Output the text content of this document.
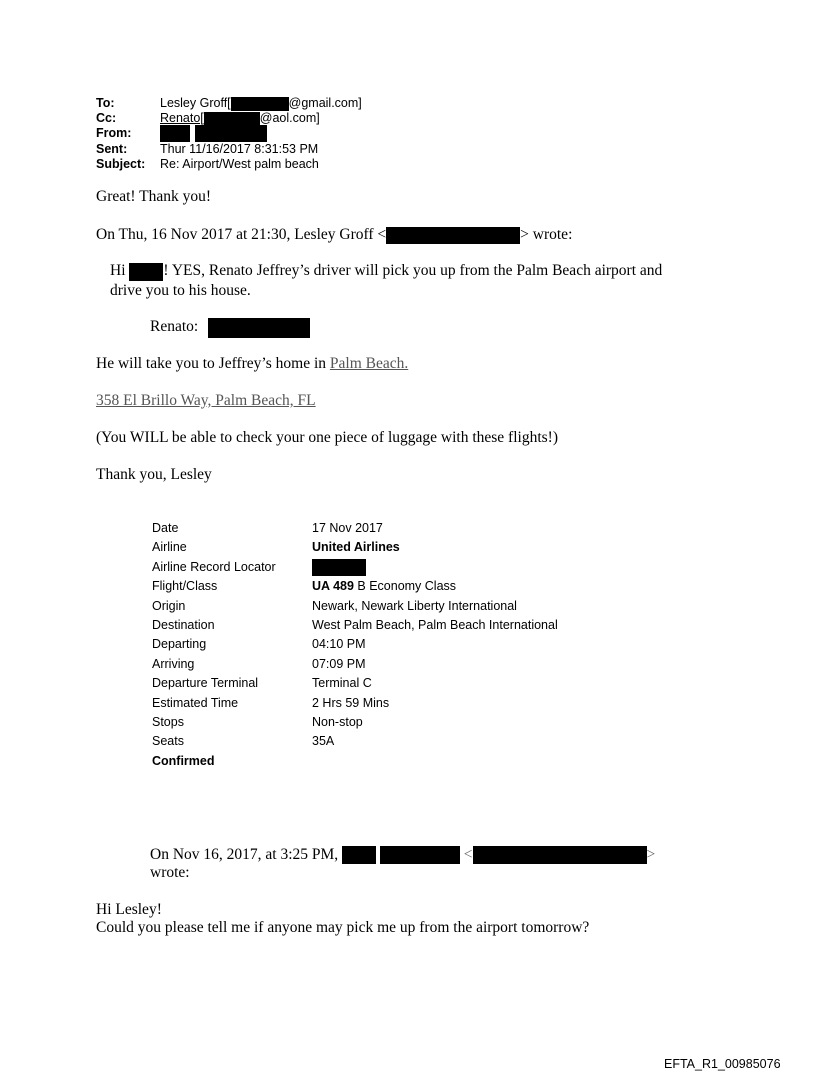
To:	Lesley Groff[	@gmail.com]
Cc:	Renato[	@aol.com]
From:

Sent:	Thur 11/16/2017 8:31:53 PM
Subject: Re: Airport/West palm beach
Great! Thank you!
On Thu, 16 Nov 2017 at 21:30, Lesley Groff <	> wrote:
Hi ! YES, Renato Jeffrey’s driver will pick you up from the Palm Beach airport and
drive you to his house.
Renato:
He will take you to Jeffrey’s home in Palm Beach.
358 El Brillo Way, Palm Beach, FL
(You WILL be able to check your one piece of luggage with these flights!)
Thank you, Lesley
Date	17 Nov 2017
Airline	United Airlines
Airline Record Locator
Flight/Class	UA 489 B Economy Class
Origin	Newark, Newark Liberty International
Destination	West Palm Beach, Palm Beach International
Departing	04:10 PM
Arriving	07:09 PM
Departure Terminal	Terminal C
Estimated Time	2 Hrs 59 Mins
Stops	Non-stop
Seats	35A
Confirmed
On Nov 16, 2017, at 3:25 PM,	<	>
wrote:
Hi Lesley!
Could you please tell me if anyone may pick me up from the airport tomorrow?
EFTA_R1_00985076
